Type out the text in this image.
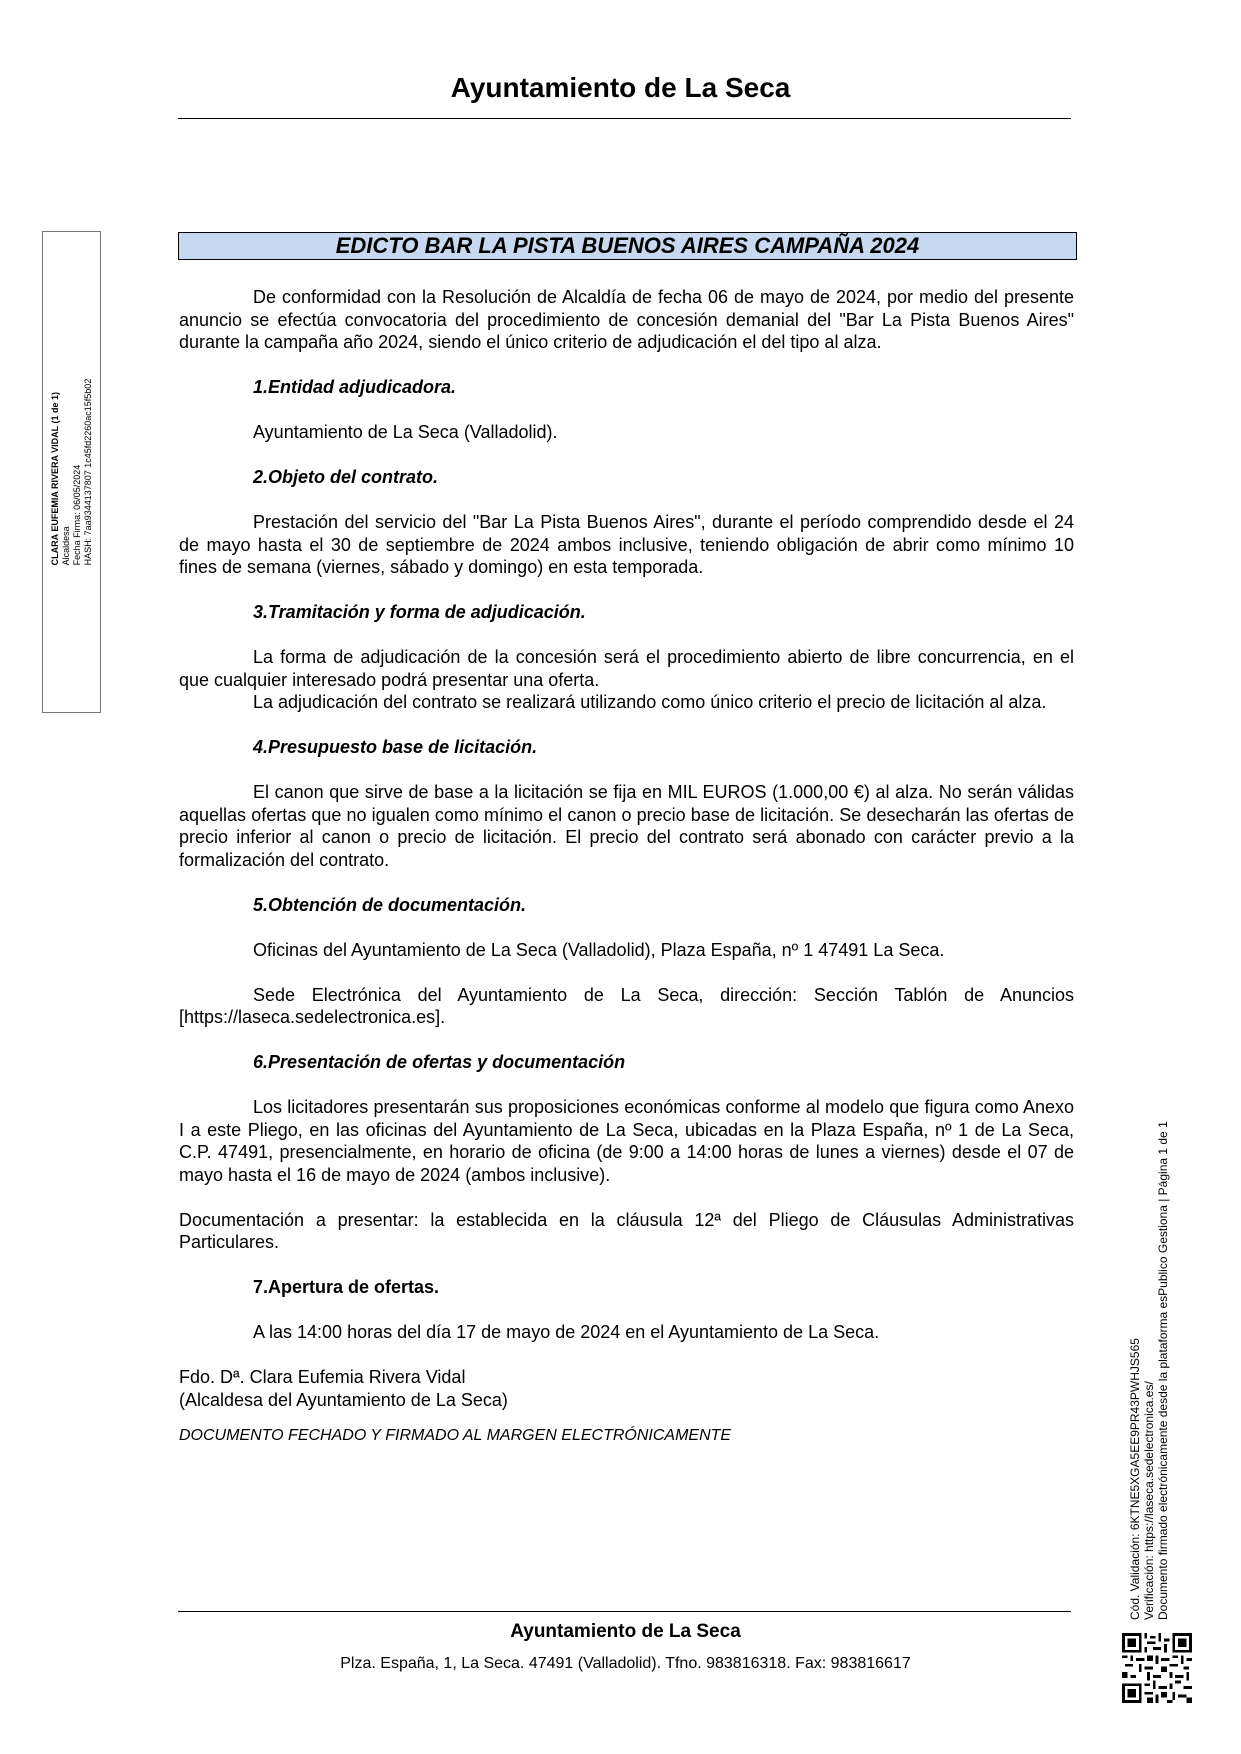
Ayuntamiento de La Seca
CLARA EUFEMIA RIVERA VIDAL (1 de 1) Alcaldesa Fecha Firma: 06/05/2024 HASH: 7aa9344137807 1c45fd2260ac15f5b02
EDICTO BAR LA PISTA BUENOS AIRES CAMPAÑA 2024

De conformidad con la Resolución de Alcaldía de fecha 06 de mayo de 2024, por medio del presente anuncio se efectúa convocatoria del procedimiento de concesión demanial del "Bar La Pista Buenos Aires" durante la campaña año 2024, siendo el único criterio de adjudicación el del tipo al alza.

1.Entidad adjudicadora.

Ayuntamiento de La Seca (Valladolid).

2.Objeto del contrato.

Prestación del servicio del "Bar La Pista Buenos Aires", durante el período comprendido desde el 24 de mayo hasta el 30 de septiembre de 2024 ambos inclusive, teniendo obligación de abrir como mínimo 10 fines de semana (viernes, sábado y domingo) en esta temporada.

3.Tramitación y forma de adjudicación.

La forma de adjudicación de la concesión será el procedimiento abierto de libre concurrencia, en el que cualquier interesado podrá presentar una oferta.

La adjudicación del contrato se realizará utilizando como único criterio el precio de licitación al alza.

4.Presupuesto base de licitación.

El canon que sirve de base a la licitación se fija en MIL EUROS (1.000,00 €) al alza. No serán válidas aquellas ofertas que no igualen como mínimo el canon o precio base de licitación. Se desecharán las ofertas de precio inferior al canon o precio de licitación. El precio del contrato será abonado con carácter previo a la formalización del contrato.

5.Obtención de documentación.

Oficinas del Ayuntamiento de La Seca (Valladolid), Plaza España, nº 1 47491 La Seca.

Sede Electrónica del Ayuntamiento de La Seca, dirección: Sección Tablón de Anuncios [https://laseca.sedelectronica.es].

6.Presentación de ofertas y documentación

Los licitadores presentarán sus proposiciones económicas conforme al modelo que figura como Anexo I a este Pliego, en las oficinas del Ayuntamiento de La Seca, ubicadas en la Plaza España, nº 1 de La Seca, C.P. 47491, presencialmente, en horario de oficina (de 9:00 a 14:00 horas de lunes a viernes) desde el 07 de mayo hasta el 16 de mayo de 2024 (ambos inclusive).

Documentación a presentar: la establecida en la cláusula 12ª del Pliego de Cláusulas Administrativas Particulares.

7.Apertura de ofertas.

A las 14:00 horas del día 17 de mayo de 2024 en el Ayuntamiento de La Seca.

Fdo. Dª. Clara Eufemia Rivera Vidal

(Alcaldesa del Ayuntamiento de La Seca)

DOCUMENTO FECHADO Y FIRMADO AL MARGEN ELECTRÓNICAMENTE

Ayuntamiento de La Seca
Plza. España, 1, La Seca. 47491 (Valladolid). Tfno. 983816318. Fax: 983816617
Cód. Validación: 6KTNE5XGA5EE9PR43PWHJS565 Verificación: https://laseca.sedelectronica.es/ Documento firmado electrónicamente desde la plataforma esPublico Gestiona | Página 1 de 1
